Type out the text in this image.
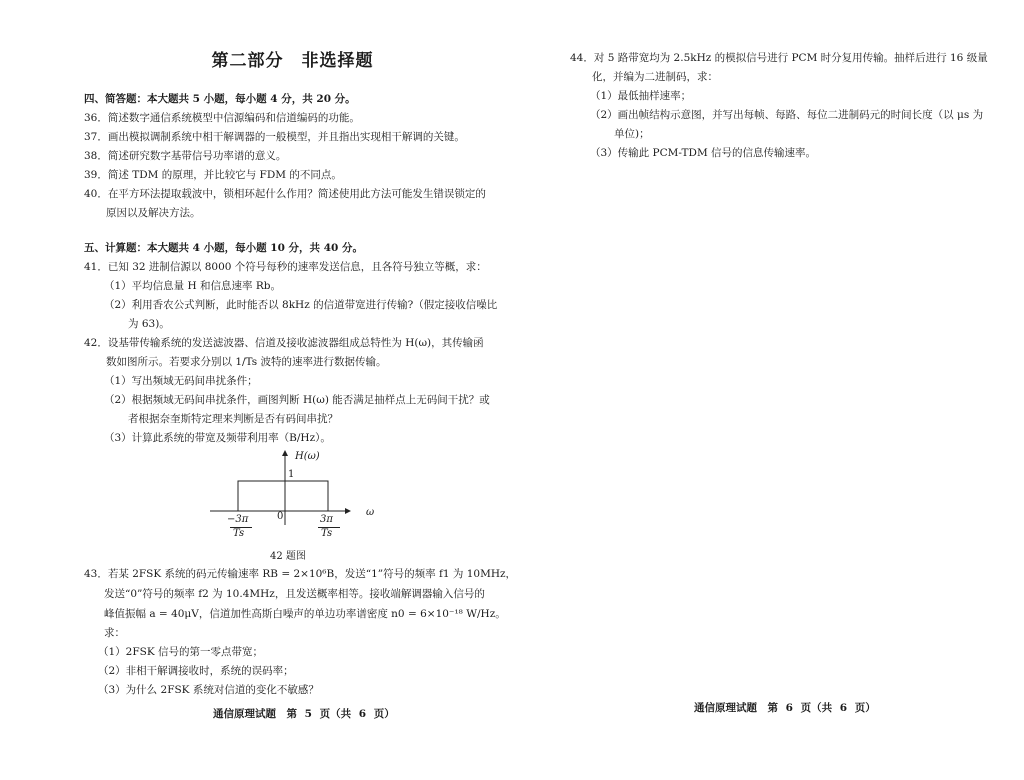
第二部分　非选择题
四、简答题：本大题共 5 小题，每小题 4 分，共 20 分。
36．简述数字通信系统模型中信源编码和信道编码的功能。
37．画出模拟调制系统中相干解调器的一般模型，并且指出实现相干解调的关键。
38．简述研究数字基带信号功率谱的意义。
39．简述 TDM 的原理，并比较它与 FDM 的不同点。
40．在平方环法提取载波中，锁相环起什么作用？简述使用此方法可能发生错误锁定的
原因以及解决方法。
五、计算题：本大题共 4 小题，每小题 10 分，共 40 分。
41．已知 32 进制信源以 8000 个符号每秒的速率发送信息，且各符号独立等概，求：
（1）平均信息量 H 和信息速率 Rb。
（2）利用香农公式判断，此时能否以 8kHz 的信道带宽进行传输?（假定接收信噪比
为 63)。
42．设基带传输系统的发送滤波器、信道及接收滤波器组成总特性为 H(ω)，其传输函
数如图所示。若要求分别以 1/Ts 波特的速率进行数据传输。
（1）写出频域无码间串扰条件；
（2）根据频域无码间串扰条件，画图判断 H(ω) 能否满足抽样点上无码间干扰？或
者根据奈奎斯特定理来判断是否有码间串扰？
（3）计算此系统的带宽及频带利用率（B/Hz）。
H(ω)
1
ω
0
−3π
Ts
3π
Ts
42 题图
43．若某 2FSK 系统的码元传输速率 RB = 2×10⁶B，发送“1”符号的频率 f1 为 10MHz，
发送“0”符号的频率 f2 为 10.4MHz，且发送概率相等。接收端解调器输入信号的
峰值振幅 a = 40μV，信道加性高斯白噪声的单边功率谱密度 n0 = 6×10⁻¹⁸ W/Hz。
求：
（1）2FSK 信号的第一零点带宽；
（2）非相干解调接收时，系统的误码率；
（3）为什么 2FSK 系统对信道的变化不敏感？
通信原理试题　第 5 页（共 6 页）
44．对 5 路带宽均为 2.5kHz 的模拟信号进行 PCM 时分复用传输。抽样后进行 16 级量
化，并编为二进制码，求：
（1）最低抽样速率；
（2）画出帧结构示意图，并写出每帧、每路、每位二进制码元的时间长度（以 μs 为
单位)；
（3）传输此 PCM-TDM 信号的信息传输速率。
通信原理试题　第 6 页（共 6 页）
